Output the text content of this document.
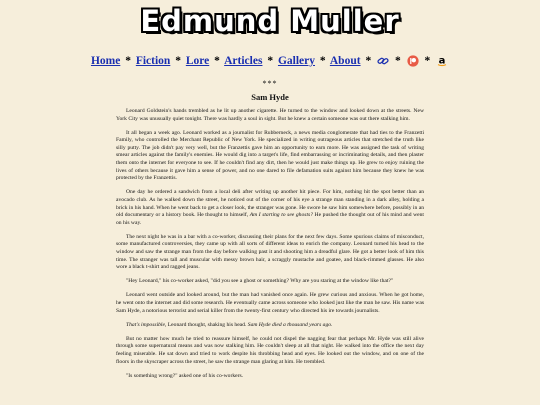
Edmund Muller
Home * Fiction * Lore * Articles * Gallery * About * * * a
***
Sam Hyde

Leonard Goldstein's hands trembled as he lit up another cigarette. He turned to the window and looked down at the streets. New York City was unusually quiet tonight. There was hardly a soul in sight. But he knew a certain someone was out there stalking him.

It all began a week ago. Leonard worked as a journalist for Rubberneck, a news media conglomerate that had ties to the Franzetti Family, who controlled the Merchant Republic of New York. He specialized in writing outrageous articles that stretched the truth like silly putty. The job didn't pay very well, but the Franzettis gave him an opportunity to earn more. He was assigned the task of writing smear articles against the family's enemies. He would dig into a target's life, find embarrassing or incriminating details, and then plaster them onto the internet for everyone to see. If he couldn't find any dirt, then he would just make things up. He grew to enjoy ruining the lives of others because it gave him a sense of power, and no one dared to file defamation suits against him because they knew he was protected by the Franzettis.

One day he ordered a sandwich from a local deli after writing up another hit piece. For him, nothing hit the spot better than an avocado club. As he walked down the street, he noticed out of the corner of his eye a strange man standing in a dark alley, holding a brick in his hand. When he went back to get a closer look, the stranger was gone. He swore he saw him somewhere before, possibly in an old documentary or a history book. He thought to himself, Am I starting to see ghosts? He pushed the thought out of his mind and went on his way.

The next night he was in a bar with a co-worker, discussing their plans for the next few days. Some spurious claims of misconduct, some manufactured controversies, they came up with all sorts of different ideas to enrich the company. Leonard turned his head to the window and saw the strange man from the day before walking past it and shooting him a dreadful glare. He got a better look of him this time. The stranger was tall and muscular with messy brown hair, a scraggly mustache and goatee, and black-rimmed glasses. He also wore a black t-shirt and ragged jeans.

"Hey Leonard," his co-worker asked, "did you see a ghost or something? Why are you staring at the window like that?"

Leonard went outside and looked around, but the man had vanished once again. He grew curious and anxious. When he got home, he went onto the internet and did some research. He eventually came across someone who looked just like the man he saw. His name was Sam Hyde, a notorious terrorist and serial killer from the twenty-first century who directed his ire towards journalists.

That's impossible, Leonard thought, shaking his head. Sam Hyde died a thousand years ago.

But no matter how much he tried to reassure himself, he could not dispel the nagging fear that perhaps Mr. Hyde was still alive through some supernatural means and was now stalking him. He couldn't sleep at all that night. He walked into the office the next day feeling miserable. He sat down and tried to work despite his throbbing head and eyes. He looked out the window, and on one of the floors in the skyscraper across the street, he saw the strange man glaring at him. He trembled.

"Is something wrong?" asked one of his co-workers.
